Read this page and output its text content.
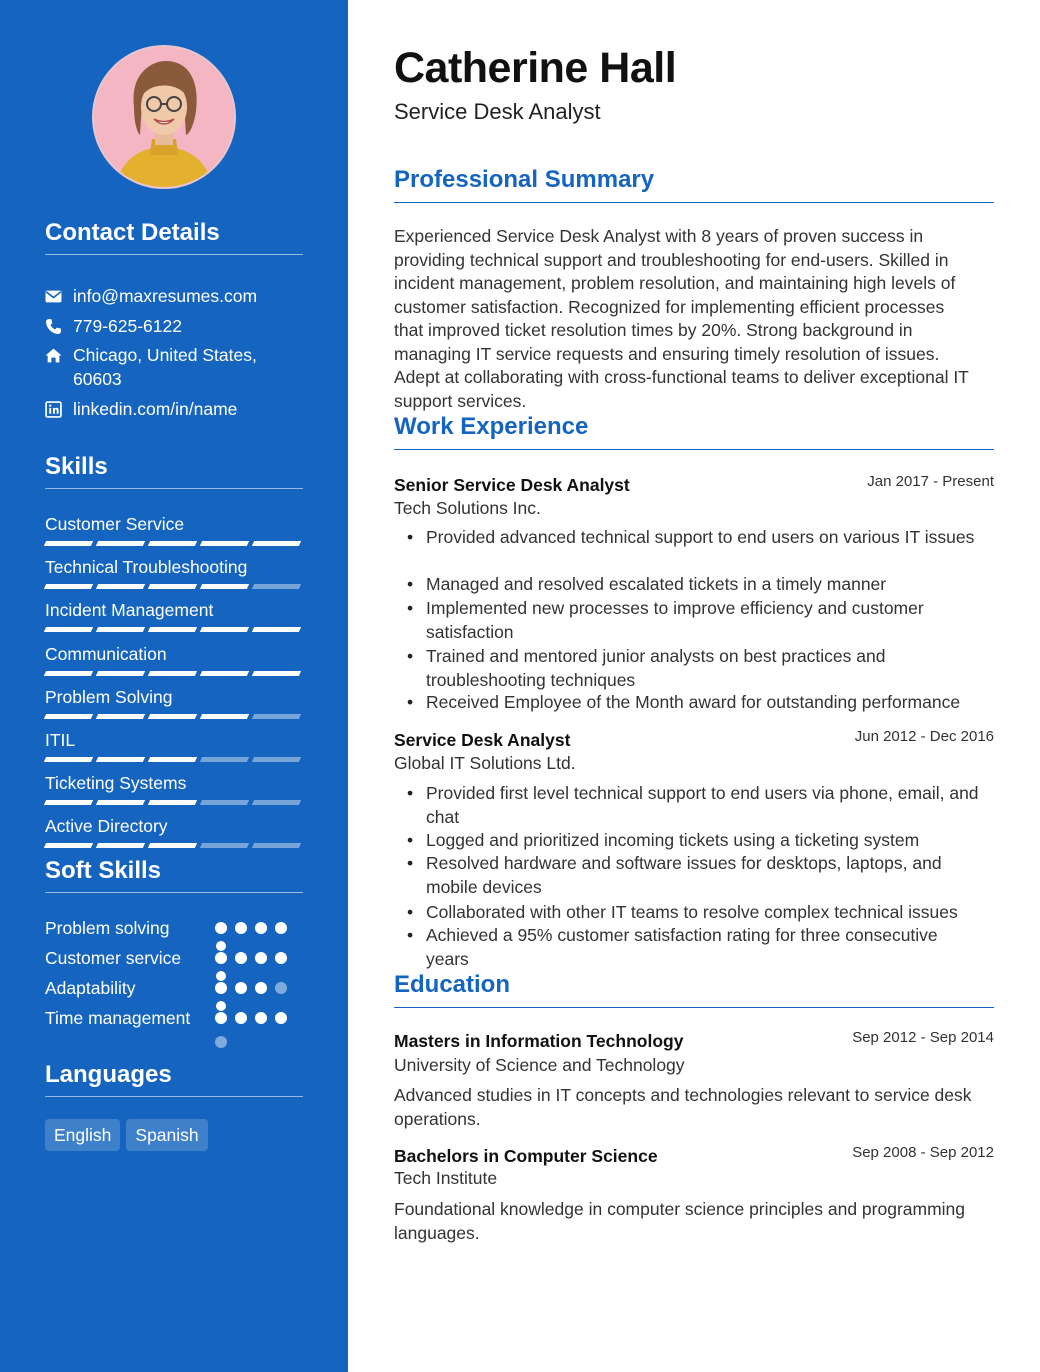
Contact Details
info@maxresumes.com
779-625-6122
Chicago, United States,
60603
linkedin.com/in/name
Skills
Customer Service
Technical Troubleshooting
Incident Management
Communication
Problem Solving
ITIL
Ticketing Systems
Active Directory
Soft Skills
Problem solving
Customer service
Adaptability
Time management
Languages
English	Spanish
Catherine Hall
Service Desk Analyst
Professional Summary
Experienced Service Desk Analyst with 8 years of proven success in
providing technical support and troubleshooting for end-users. Skilled in
incident management, problem resolution, and maintaining high levels of
customer satisfaction. Recognized for implementing efficient processes
that improved ticket resolution times by 20%. Strong background in
managing IT service requests and ensuring timely resolution of issues.
Adept at collaborating with cross-functional teams to deliver exceptional IT
support services.
Work Experience
Senior Service Desk Analyst	Jan 2017 - Present
Tech Solutions Inc.
• Provided advanced technical support to end users on various IT issues
• Managed and resolved escalated tickets in a timely manner
• Implemented new processes to improve efficiency and customer
satisfaction
• Trained and mentored junior analysts on best practices and
troubleshooting techniques
• Received Employee of the Month award for outstanding performance
Service Desk Analyst	Jun 2012 - Dec 2016
Global IT Solutions Ltd.
• Provided first level technical support to end users via phone, email, and
chat
• Logged and prioritized incoming tickets using a ticketing system
• Resolved hardware and software issues for desktops, laptops, and
mobile devices
• Collaborated with other IT teams to resolve complex technical issues
• Achieved a 95% customer satisfaction rating for three consecutive
years
Education
Masters in Information Technology	Sep 2012 - Sep 2014
University of Science and Technology
Advanced studies in IT concepts and technologies relevant to service desk
operations.
Bachelors in Computer Science	Sep 2008 - Sep 2012
Tech Institute
Foundational knowledge in computer science principles and programming
languages.
